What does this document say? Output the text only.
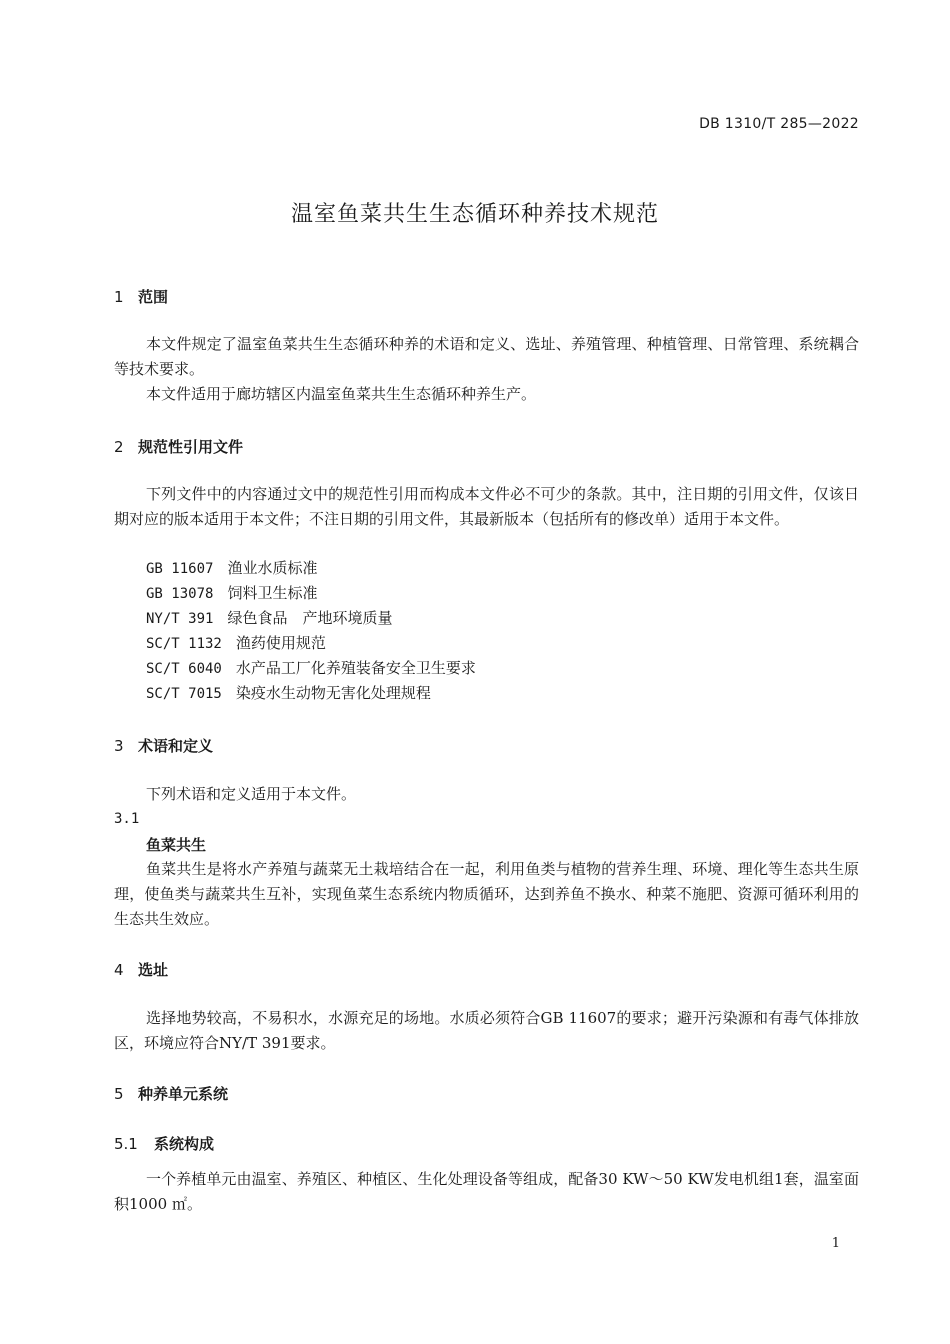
DB 1310/T 285—2022
温室鱼菜共生生态循环种养技术规范
1 范围
本文件规定了温室鱼菜共生生态循环种养的术语和定义、选址、养殖管理、种植管理、日常管理、系统耦合等技术要求。
本文件适用于廊坊辖区内温室鱼菜共生生态循环种养生产。
2 规范性引用文件
下列文件中的内容通过文中的规范性引用而构成本文件必不可少的条款。其中，注日期的引用文件，仅该日期对应的版本适用于本文件；不注日期的引用文件，其最新版本（包括所有的修改单）适用于本文件。
GB 11607 渔业水质标准
GB 13078 饲料卫生标准
NY/T 391 绿色食品　产地环境质量
SC/T 1132 渔药使用规范
SC/T 6040 水产品工厂化养殖装备安全卫生要求
SC/T 7015 染疫水生动物无害化处理规程
3 术语和定义
下列术语和定义适用于本文件。
3.1
鱼菜共生
鱼菜共生是将水产养殖与蔬菜无土栽培结合在一起，利用鱼类与植物的营养生理、环境、理化等生态共生原理，使鱼类与蔬菜共生互补，实现鱼菜生态系统内物质循环，达到养鱼不换水、种菜不施肥、资源可循环利用的生态共生效应。
4 选址
选择地势较高，不易积水，水源充足的场地。水质必须符合GB 11607的要求；避开污染源和有毒气体排放区，环境应符合NY/T 391要求。
5 种养单元系统
5.1 系统构成
一个养植单元由温室、养殖区、种植区、生化处理设备等组成，配备30 KW～50 KW发电机组1套，温室面积1000 ㎡。
1
